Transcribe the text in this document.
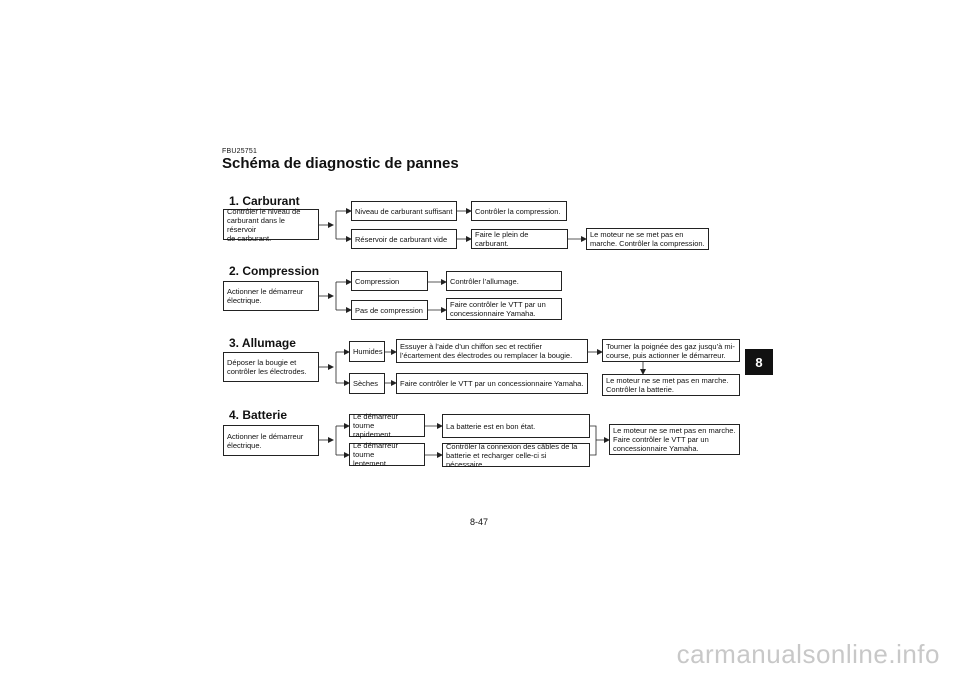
FBU25751
Schéma de diagnostic de pannes
1. Carburant
Contrôler le niveau de
carburant dans le réservoir
de carburant.
Niveau de carburant suffisant	Contrôler la compression.
Réservoir de carburant vide	Faire le plein de carburant.
Le moteur ne se met pas en
marche. Contrôler la compression.
2. Compression
Actionner le démarreur
électrique.
Compression	Contrôler l’allumage.
Pas de compression
Faire contrôler le VTT par un
concessionnaire Yamaha.
3. Allumage
Déposer la bougie et
contrôler les électrodes.
Humides
Essuyer à l’aide d’un chiffon sec et rectifier
l’écartement des électrodes ou remplacer la bougie.
Tourner la poignée des gaz jusqu’à mi-
course, puis actionner le démarreur.
Le moteur ne se met pas en marche.
Contrôler la batterie.
Sèches	Faire contrôler le VTT par un concessionnaire Yamaha.
4. Batterie
Actionner le démarreur
électrique.
Le démarreur tourne
rapidement.
La batterie est en bon état.
Le démarreur tourne
lentement.
Contrôler la connexion des câbles de la
batterie et recharger celle-ci si nécessaire.
Le moteur ne se met pas en marche.
Faire contrôler le VTT par un
concessionnaire Yamaha.
8
8-47
carmanualsonline.info
